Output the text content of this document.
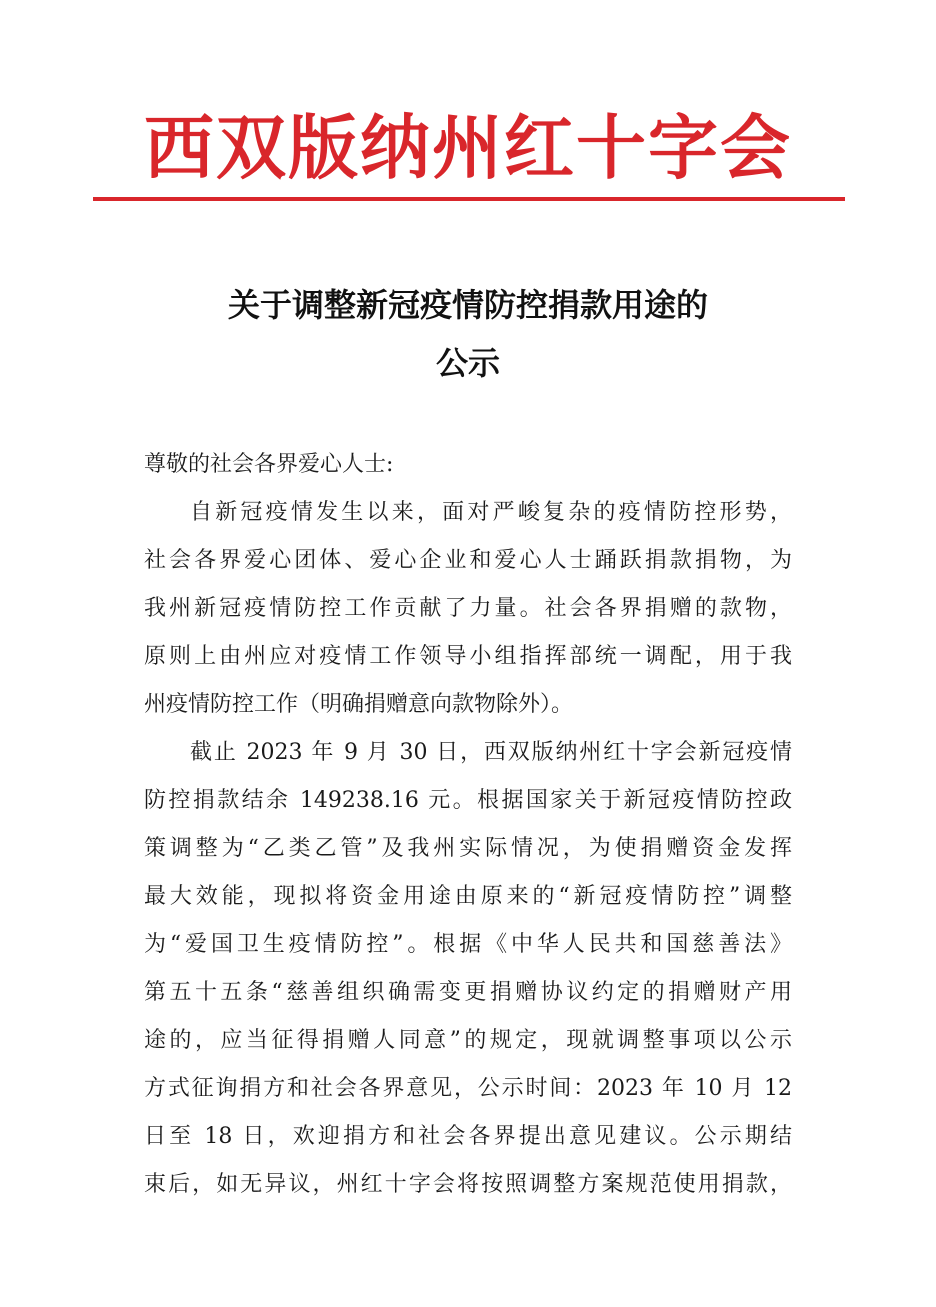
西双版纳州红十字会
关于调整新冠疫情防控捐款用途的
公示
尊敬的社会各界爱心人士:
自新冠疫情发生以来，面对严峻复杂的疫情防控形势，
社会各界爱心团体、爱心企业和爱心人士踊跃捐款捐物，为
我州新冠疫情防控工作贡献了力量。社会各界捐赠的款物，
原则上由州应对疫情工作领导小组指挥部统一调配，用于我
州疫情防控工作（明确捐赠意向款物除外）。
截止 2023 年 9 月 30 日，西双版纳州红十字会新冠疫情
防控捐款结余 149238.16 元。根据国家关于新冠疫情防控政
策调整为“乙类乙管”及我州实际情况，为使捐赠资金发挥
最大效能，现拟将资金用途由原来的“新冠疫情防控”调整
为“爱国卫生疫情防控”。根据《中华人民共和国慈善法》
第五十五条“慈善组织确需变更捐赠协议约定的捐赠财产用
途的，应当征得捐赠人同意”的规定，现就调整事项以公示
方式征询捐方和社会各界意见，公示时间：2023 年 10 月 12
日至 18 日，欢迎捐方和社会各界提出意见建议。公示期结
束后，如无异议，州红十字会将按照调整方案规范使用捐款，
